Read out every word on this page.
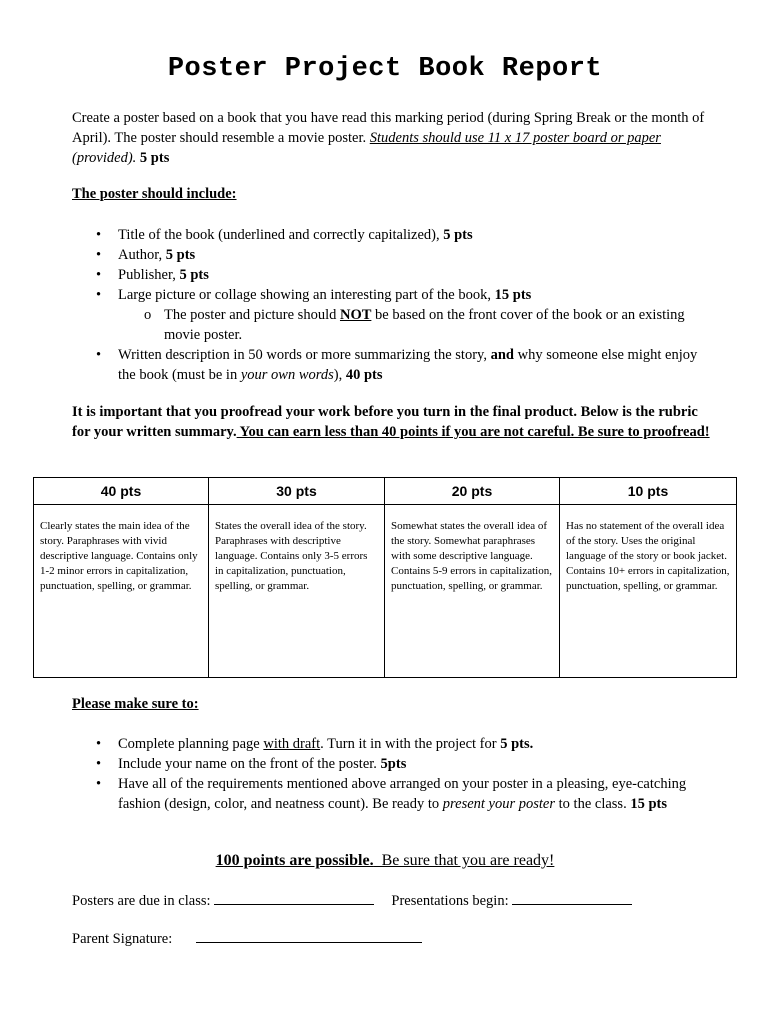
Poster Project Book Report
Create a poster based on a book that you have read this marking period (during Spring Break or the month of April). The poster should resemble a movie poster. Students should use 11 x 17 poster board or paper (provided). 5 pts
The poster should include:
• Title of the book (underlined and correctly capitalized), 5 pts
• Author, 5 pts
• Publisher, 5 pts
• Large picture or collage showing an interesting part of the book, 15 pts
o The poster and picture should NOT be based on the front cover of the book or an existing movie poster.
• Written description in 50 words or more summarizing the story, and why someone else might enjoy the book (must be in your own words), 40 pts
It is important that you proofread your work before you turn in the final product. Below is the rubric for your written summary. You can earn less than 40 points if you are not careful. Be sure to proofread!
40 pts	30 pts	20 pts	10 pts
Clearly states the main idea of the story. Paraphrases with vivid descriptive language. Contains only 1-2 minor errors in capitalization, punctuation, spelling, or grammar.	States the overall idea of the story. Paraphrases with descriptive language. Contains only 3-5 errors in capitalization, punctuation, spelling, or grammar.	Somewhat states the overall idea of the story. Somewhat paraphrases with some descriptive language. Contains 5-9 errors in capitalization, punctuation, spelling, or grammar.	Has no statement of the overall idea of the story. Uses the original language of the story or book jacket. Contains 10+ errors in capitalization, punctuation, spelling, or grammar.
Please make sure to:
• Complete planning page with draft. Turn it in with the project for 5 pts.
• Include your name on the front of the poster. 5pts
• Have all of the requirements mentioned above arranged on your poster in a pleasing, eye-catching fashion (design, color, and neatness count). Be ready to present your poster to the class. 15 pts
100 points are possible.  Be sure that you are ready!
Posters are due in class:	Presentations begin:
Parent Signature:
